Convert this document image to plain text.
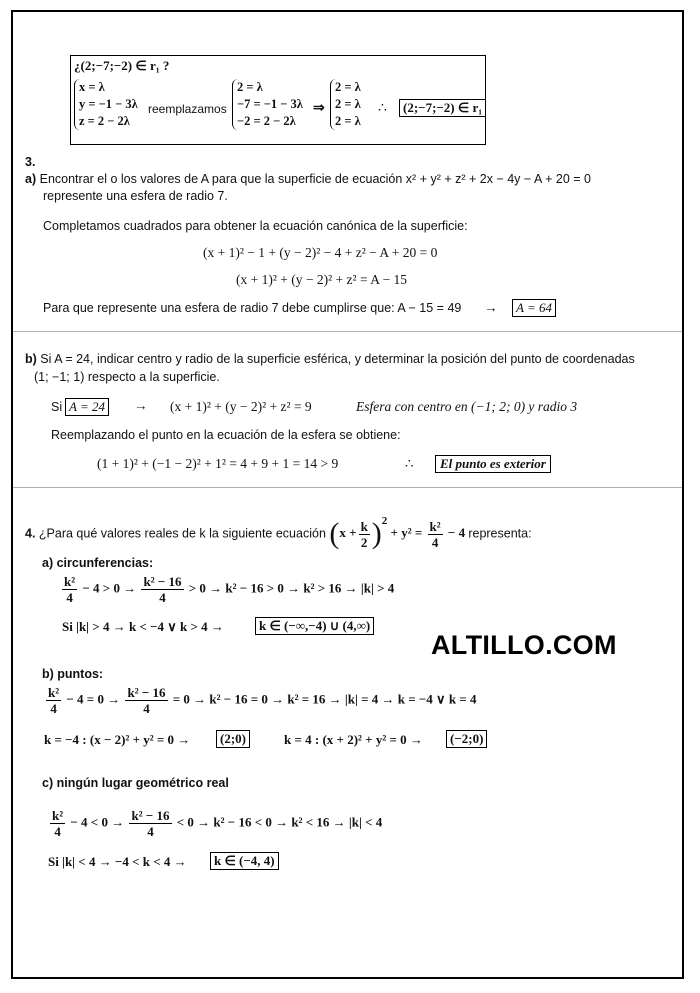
¿(2;−7;−2) ∈ r₁ ?
x = λ
y = −1 − 3λ
z = 2 − 2λ
reemplazamos
2 = λ
−7 = −1 − 3λ
−2 = 2 − 2λ
⇒
2 = λ
2 = λ
2 = λ
∴	(2;−7;−2) ∈ r₁
3.
a) Encontrar el o los valores de A para que la superficie de ecuación x² + y² + z² + 2x − 4y − A + 20 = 0
represente una esfera de radio 7.
Completamos cuadrados para obtener la ecuación canónica de la superficie:
(x + 1)² − 1 + (y − 2)² − 4 + z² − A + 20 = 0
(x + 1)² + (y − 2)² + z² = A − 15
Para que represente una esfera de radio 7 debe cumplirse que: A − 15 = 49 →	A = 64
b) Si A = 24, indicar centro y radio de la superficie esférica, y determinar la posición del punto de coordenadas
(1; −1; 1) respecto a la superficie.
Si A = 24 → (x + 1)² + (y − 2)² + z² = 9	Esfera con centro en (−1; 2; 0) y radio 3
Reemplazando el punto en la ecuación de la esfera se obtiene:
(1 + 1)² + (−1 − 2)² + 1² = 4 + 9 + 1 = 14 > 9	∴	El punto es exterior
4. ¿Para qué valores reales de k la siguiente ecuación $(x + \frac{k}{2} )^2 + y^2 = \frac{\text{k²}}{4} - 4$ representa:
a) circunferencias:
$\frac{\text{k²}}{4} - 4 > 0 \to \frac{\text{k² − 16}}{4} > 0 \to k^2 - 16 > 0 \to k^2 > 16 \to |k| > 4$
Si |k| > 4 → k < −4 ∨ k > 4 →	k ∈ (−∞,−4) ∪ (4,∞)
ALTILLO.COM
b) puntos:
$\frac{\text{k²}}{4} - 4 = 0 \to \frac{\text{k² − 16}}{4} = 0 \to k^2 - 16 = 0 \to k^2 = 16 \to |k| = 4 \to k = -4$ ∨ k = 4
k = −4 : (x − 2)² + y² = 0 →	(2;0)	k = 4 : (x + 2)² + y² = 0 →	(−2;0)
c) ningún lugar geométrico real
$\frac{\text{k²}}{4} - 4 < 0 \to \frac{\text{k² − 16}}{4} < 0 \to k^2 - 16 < 0 \to k^2 < 16 \to |k| < 4$
Si |k| < 4 → −4 < k < 4 →	k ∈ (−4, 4)
